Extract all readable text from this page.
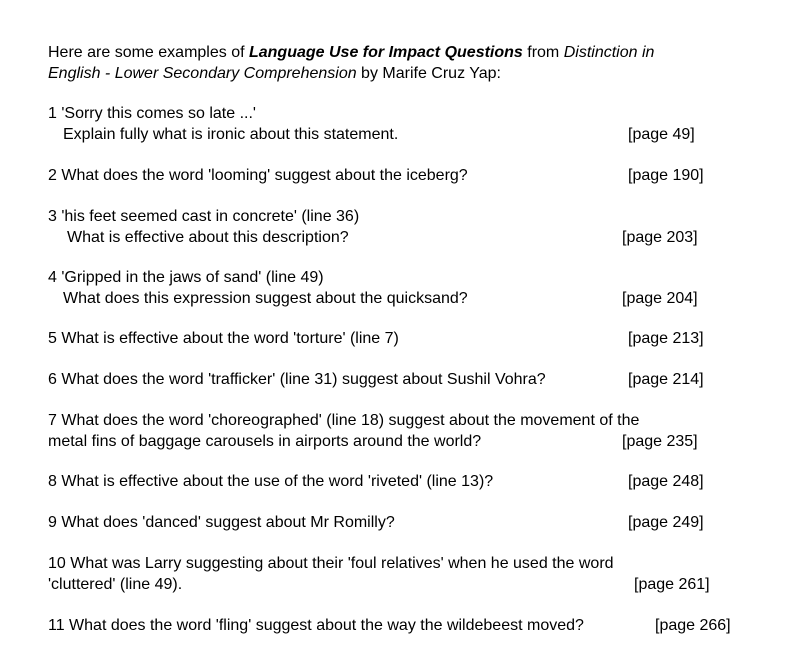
Here are some examples of Language Use for Impact Questions from Distinction in
English - Lower Secondary Comprehension by Marife Cruz Yap:
1 'Sorry this comes so late ...'
Explain fully what is ironic about this statement.	[page 49]
2 What does the word 'looming' suggest about the iceberg?	[page 190]
3 'his feet seemed cast in concrete' (line 36)
What is effective about this description?	[page 203]
4 'Gripped in the jaws of sand' (line 49)
What does this expression suggest about the quicksand?	[page 204]
5 What is effective about the word 'torture' (line 7)	[page 213]
6 What does the word 'trafficker' (line 31) suggest about Sushil Vohra?	[page 214]
7 What does the word 'choreographed' (line 18) suggest about the movement of the
metal fins of baggage carousels in airports around the world?	[page 235]
8 What is effective about the use of the word 'riveted' (line 13)?	[page 248]
9 What does 'danced' suggest about Mr Romilly?	[page 249]
10 What was Larry suggesting about their 'foul relatives' when he used the word
'cluttered' (line 49).	[page 261]
11 What does the word 'fling' suggest about the way the wildebeest moved?	[page 266]
